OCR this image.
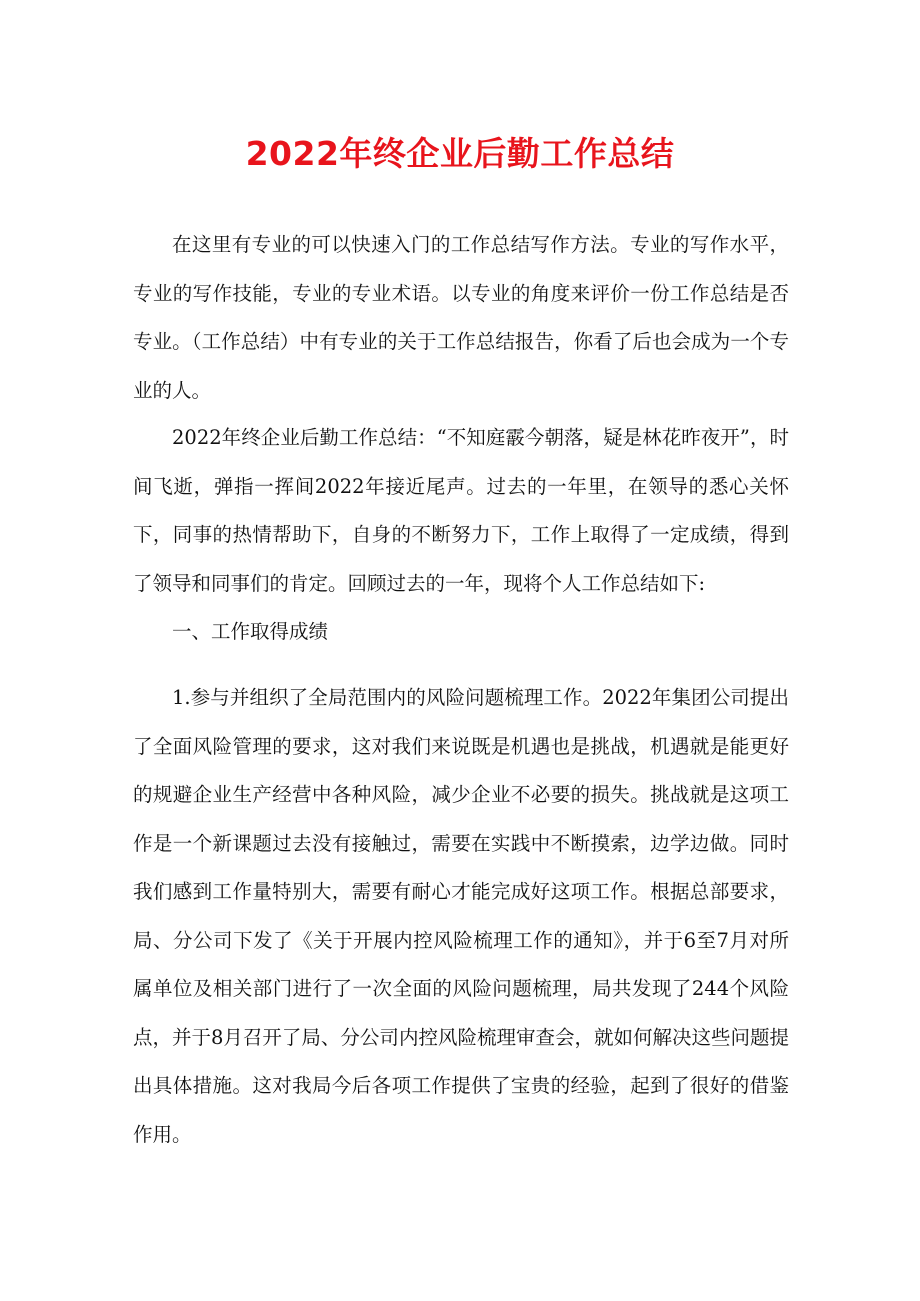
2022年终企业后勤工作总结

在这里有专业的可以快速入门的工作总结写作方法。专业的写作水平，专业的写作技能，专业的专业术语。以专业的角度来评价一份工作总结是否专业。（工作总结）中有专业的关于工作总结报告，你看了后也会成为一个专业的人。

2022年终企业后勤工作总结：“不知庭霰今朝落，疑是林花昨夜开”，时间飞逝，弹指一挥间2022年接近尾声。过去的一年里，在领导的悉心关怀下，同事的热情帮助下，自身的不断努力下，工作上取得了一定成绩，得到了领导和同事们的肯定。回顾过去的一年，现将个人工作总结如下:

一、工作取得成绩

1.参与并组织了全局范围内的风险问题梳理工作。2022年集团公司提出了全面风险管理的要求，这对我们来说既是机遇也是挑战，机遇就是能更好的规避企业生产经营中各种风险，减少企业不必要的损失。挑战就是这项工作是一个新课题过去没有接触过，需要在实践中不断摸索，边学边做。同时我们感到工作量特别大，需要有耐心才能完成好这项工作。根据总部要求，局、分公司下发了《关于开展内控风险梳理工作的通知》，并于6至7月对所属单位及相关部门进行了一次全面的风险问题梳理，局共发现了244个风险点，并于8月召开了局、分公司内控风险梳理审查会，就如何解决这些问题提出具体措施。这对我局今后各项工作提供了宝贵的经验，起到了很好的借鉴作用。
